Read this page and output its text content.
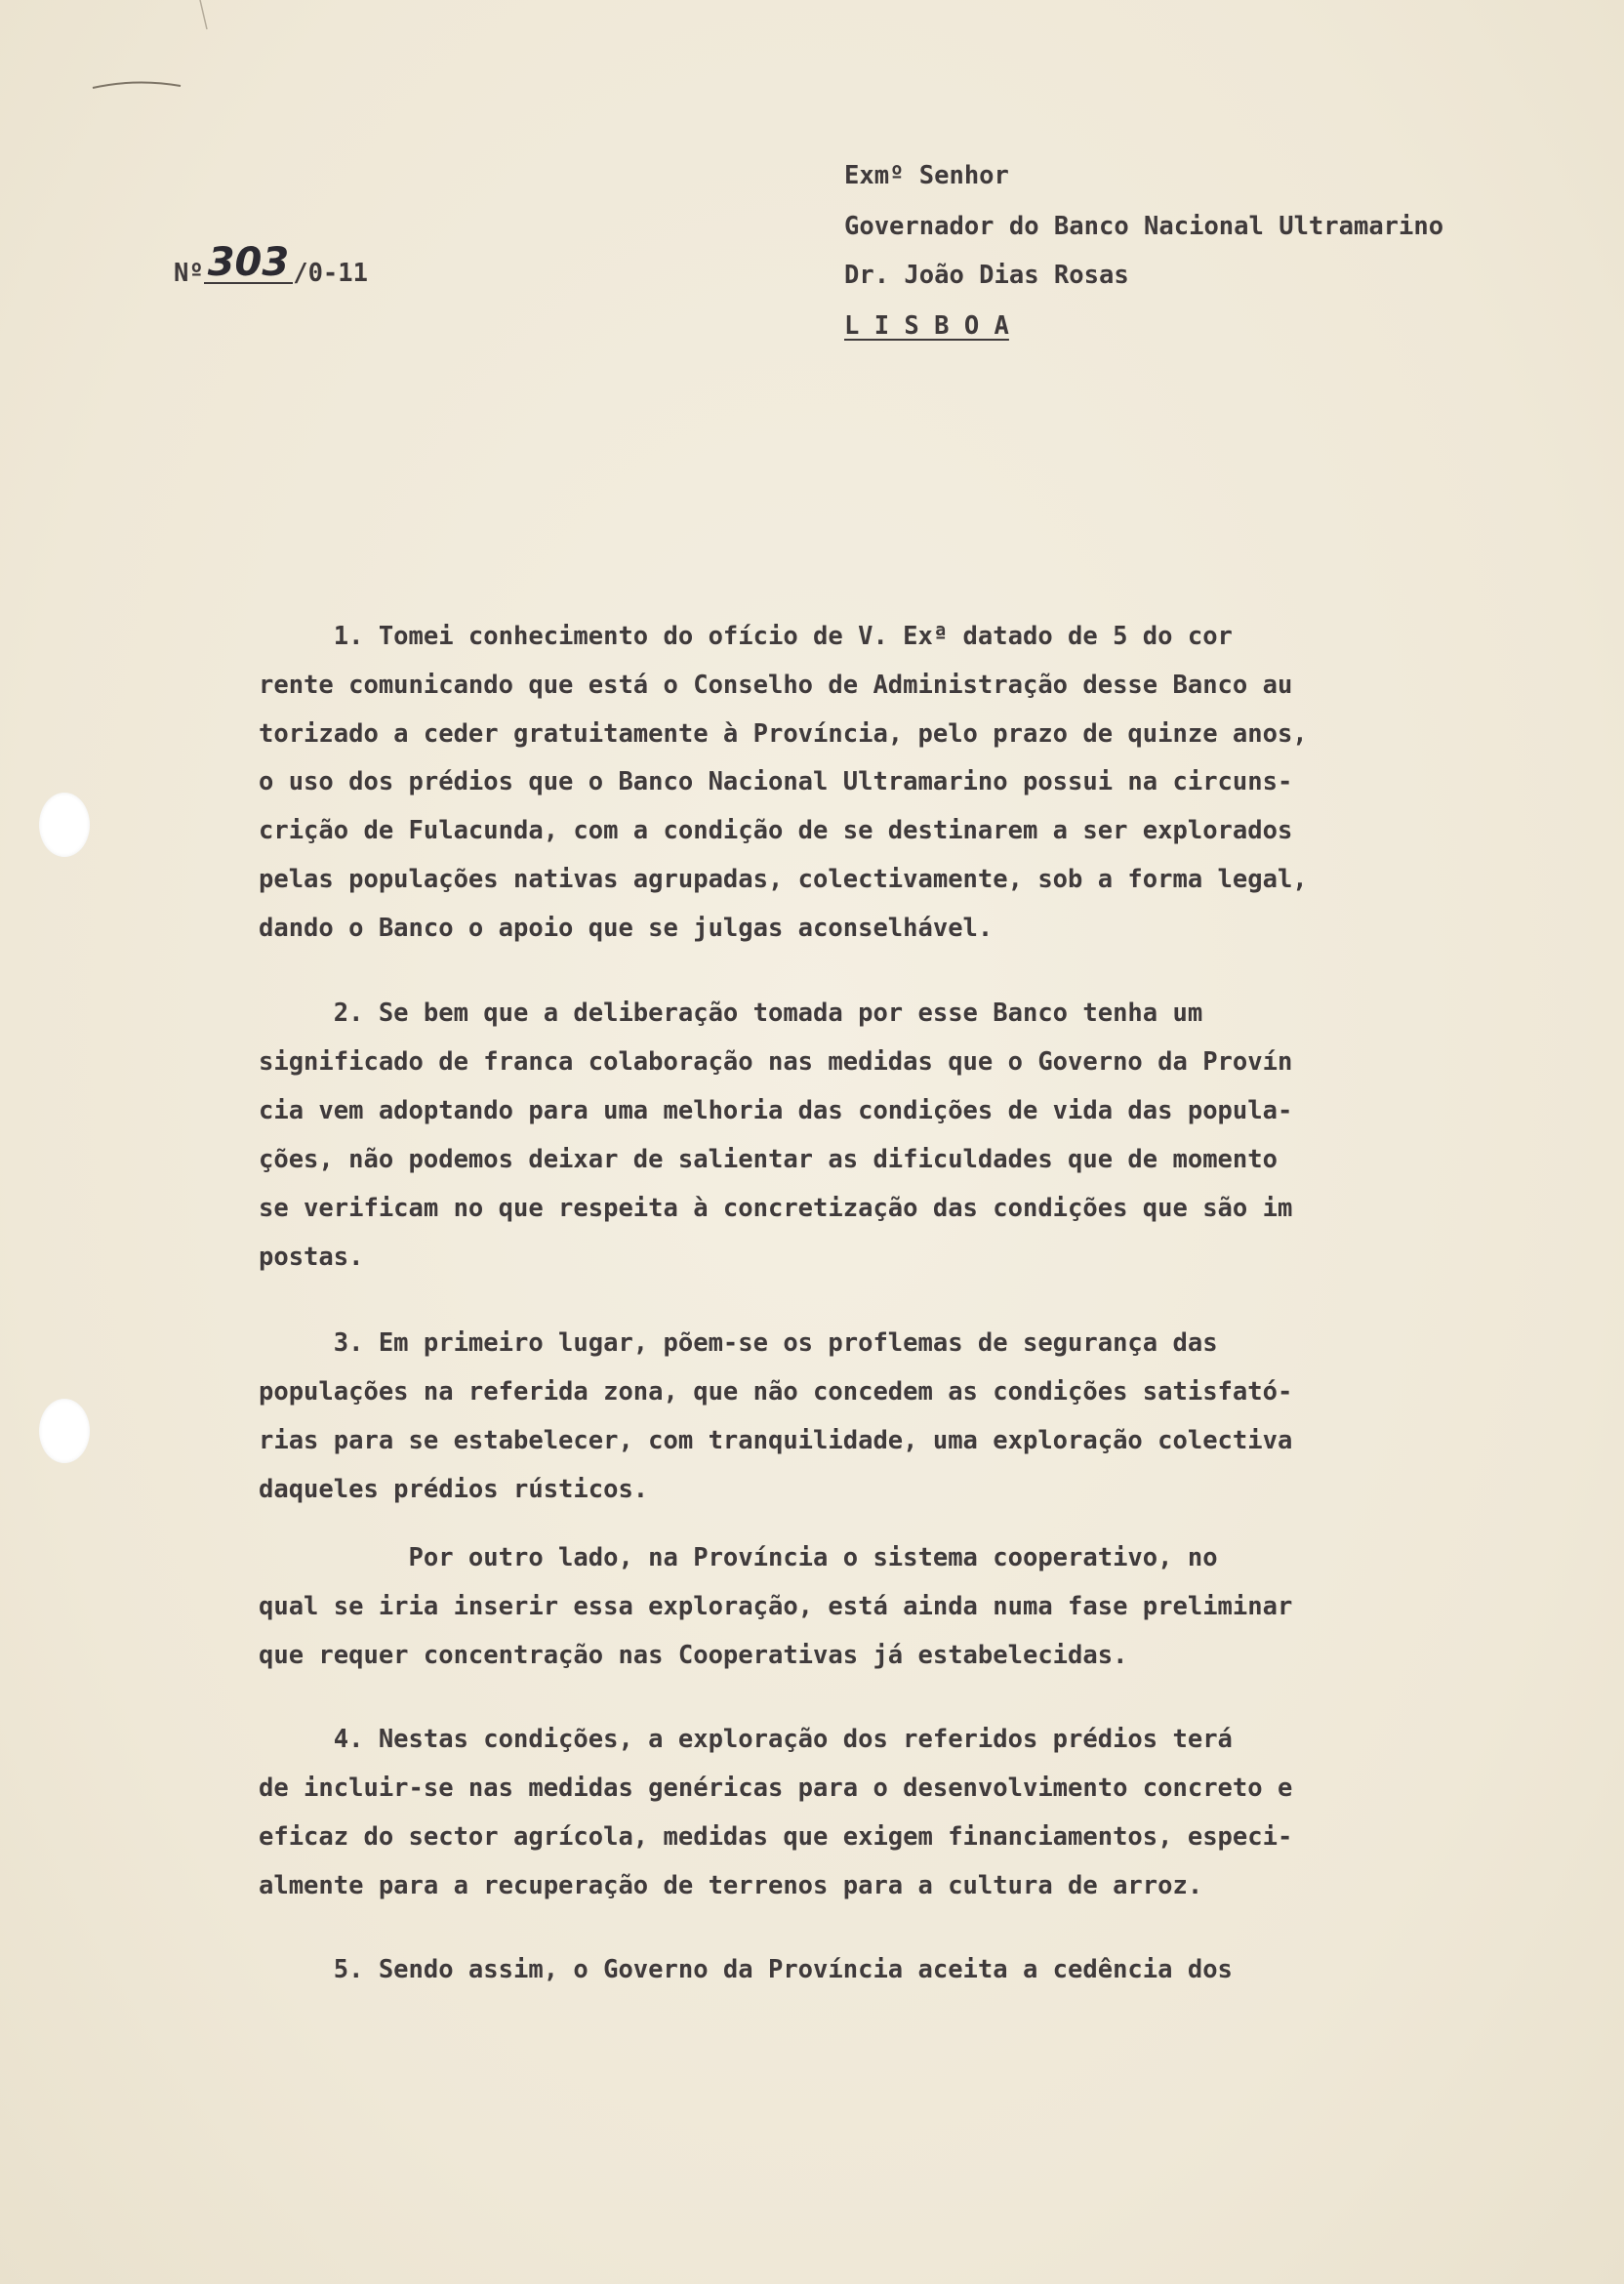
Nº 303 /0-11
Exmº Senhor
Governador do Banco Nacional Ultramarino
Dr. João Dias Rosas
L I S B O A
1. Tomei conhecimento do ofício de V. Exª datado de 5 do cor
rente comunicando que está o Conselho de Administração desse Banco au
torizado a ceder gratuitamente à Província, pelo prazo de quinze anos,
o uso dos prédios que o Banco Nacional Ultramarino possui na circuns-
crição de Fulacunda, com a condição de se destinarem a ser explorados
pelas populações nativas agrupadas, colectivamente, sob a forma legal,
dando o Banco o apoio que se julgas aconselhável.
2. Se bem que a deliberação tomada por esse Banco tenha um
significado de franca colaboração nas medidas que o Governo da Provín
cia vem adoptando para uma melhoria das condições de vida das popula-
ções, não podemos deixar de salientar as dificuldades que de momento
se verificam no que respeita à concretização das condições que são im
postas.
3. Em primeiro lugar, põem-se os proflemas de segurança das
populações na referida zona, que não concedem as condições satisfató-
rias para se estabelecer, com tranquilidade, uma exploração colectiva
daqueles prédios rústicos.
Por outro lado, na Província o sistema cooperativo, no
qual se iria inserir essa exploração, está ainda numa fase preliminar
que requer concentração nas Cooperativas já estabelecidas.
4. Nestas condições, a exploração dos referidos prédios terá
de incluir-se nas medidas genéricas para o desenvolvimento concreto e
eficaz do sector agrícola, medidas que exigem financiamentos, especi-
almente para a recuperação de terrenos para a cultura de arroz.
5. Sendo assim, o Governo da Província aceita a cedência dos
